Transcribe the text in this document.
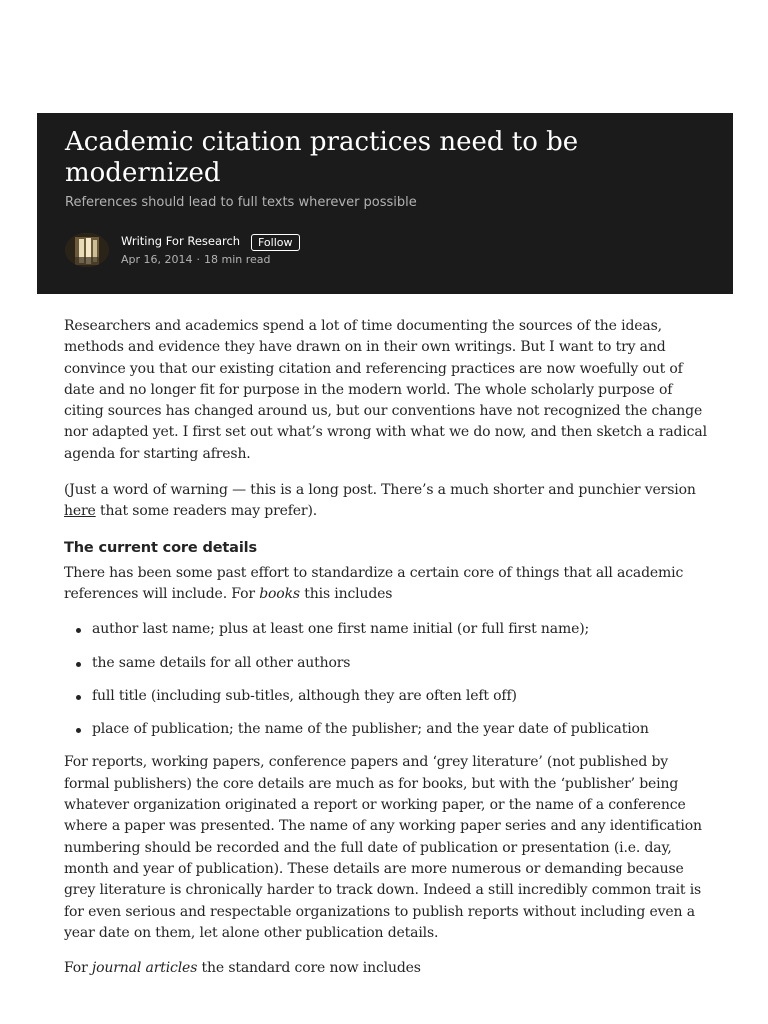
Academic citation practices need to be modernized
References should lead to full texts wherever possible
Writing For Research	Follow
Apr 16, 2014 · 18 min read

Researchers and academics spend a lot of time documenting the sources of the ideas, methods and evidence they have drawn on in their own writings. But I want to try and convince you that our existing citation and referencing practices are now woefully out of date and no longer fit for purpose in the modern world. The whole scholarly purpose of citing sources has changed around us, but our conventions have not recognized the change nor adapted yet. I first set out what’s wrong with what we do now, and then sketch a radical agenda for starting afresh.

(Just a word of warning — this is a long post. There’s a much shorter and punchier version here that some readers may prefer).

The current core details

There has been some past effort to standardize a certain core of things that all academic references will include. For books this includes

author last name; plus at least one first name initial (or full first name);
the same details for all other authors
full title (including sub-titles, although they are often left off)
place of publication; the name of the publisher; and the year date of publication

For reports, working papers, conference papers and ‘grey literature’ (not published by formal publishers) the core details are much as for books, but with the ‘publisher’ being whatever organization originated a report or working paper, or the name of a conference where a paper was presented. The name of any working paper series and any identification numbering should be recorded and the full date of publication or presentation (i.e. day, month and year of publication). These details are more numerous or demanding because grey literature is chronically harder to track down. Indeed a still incredibly common trait is for even serious and respectable organizations to publish reports without including even a year date on them, let alone other publication details.

For journal articles the standard core now includes
